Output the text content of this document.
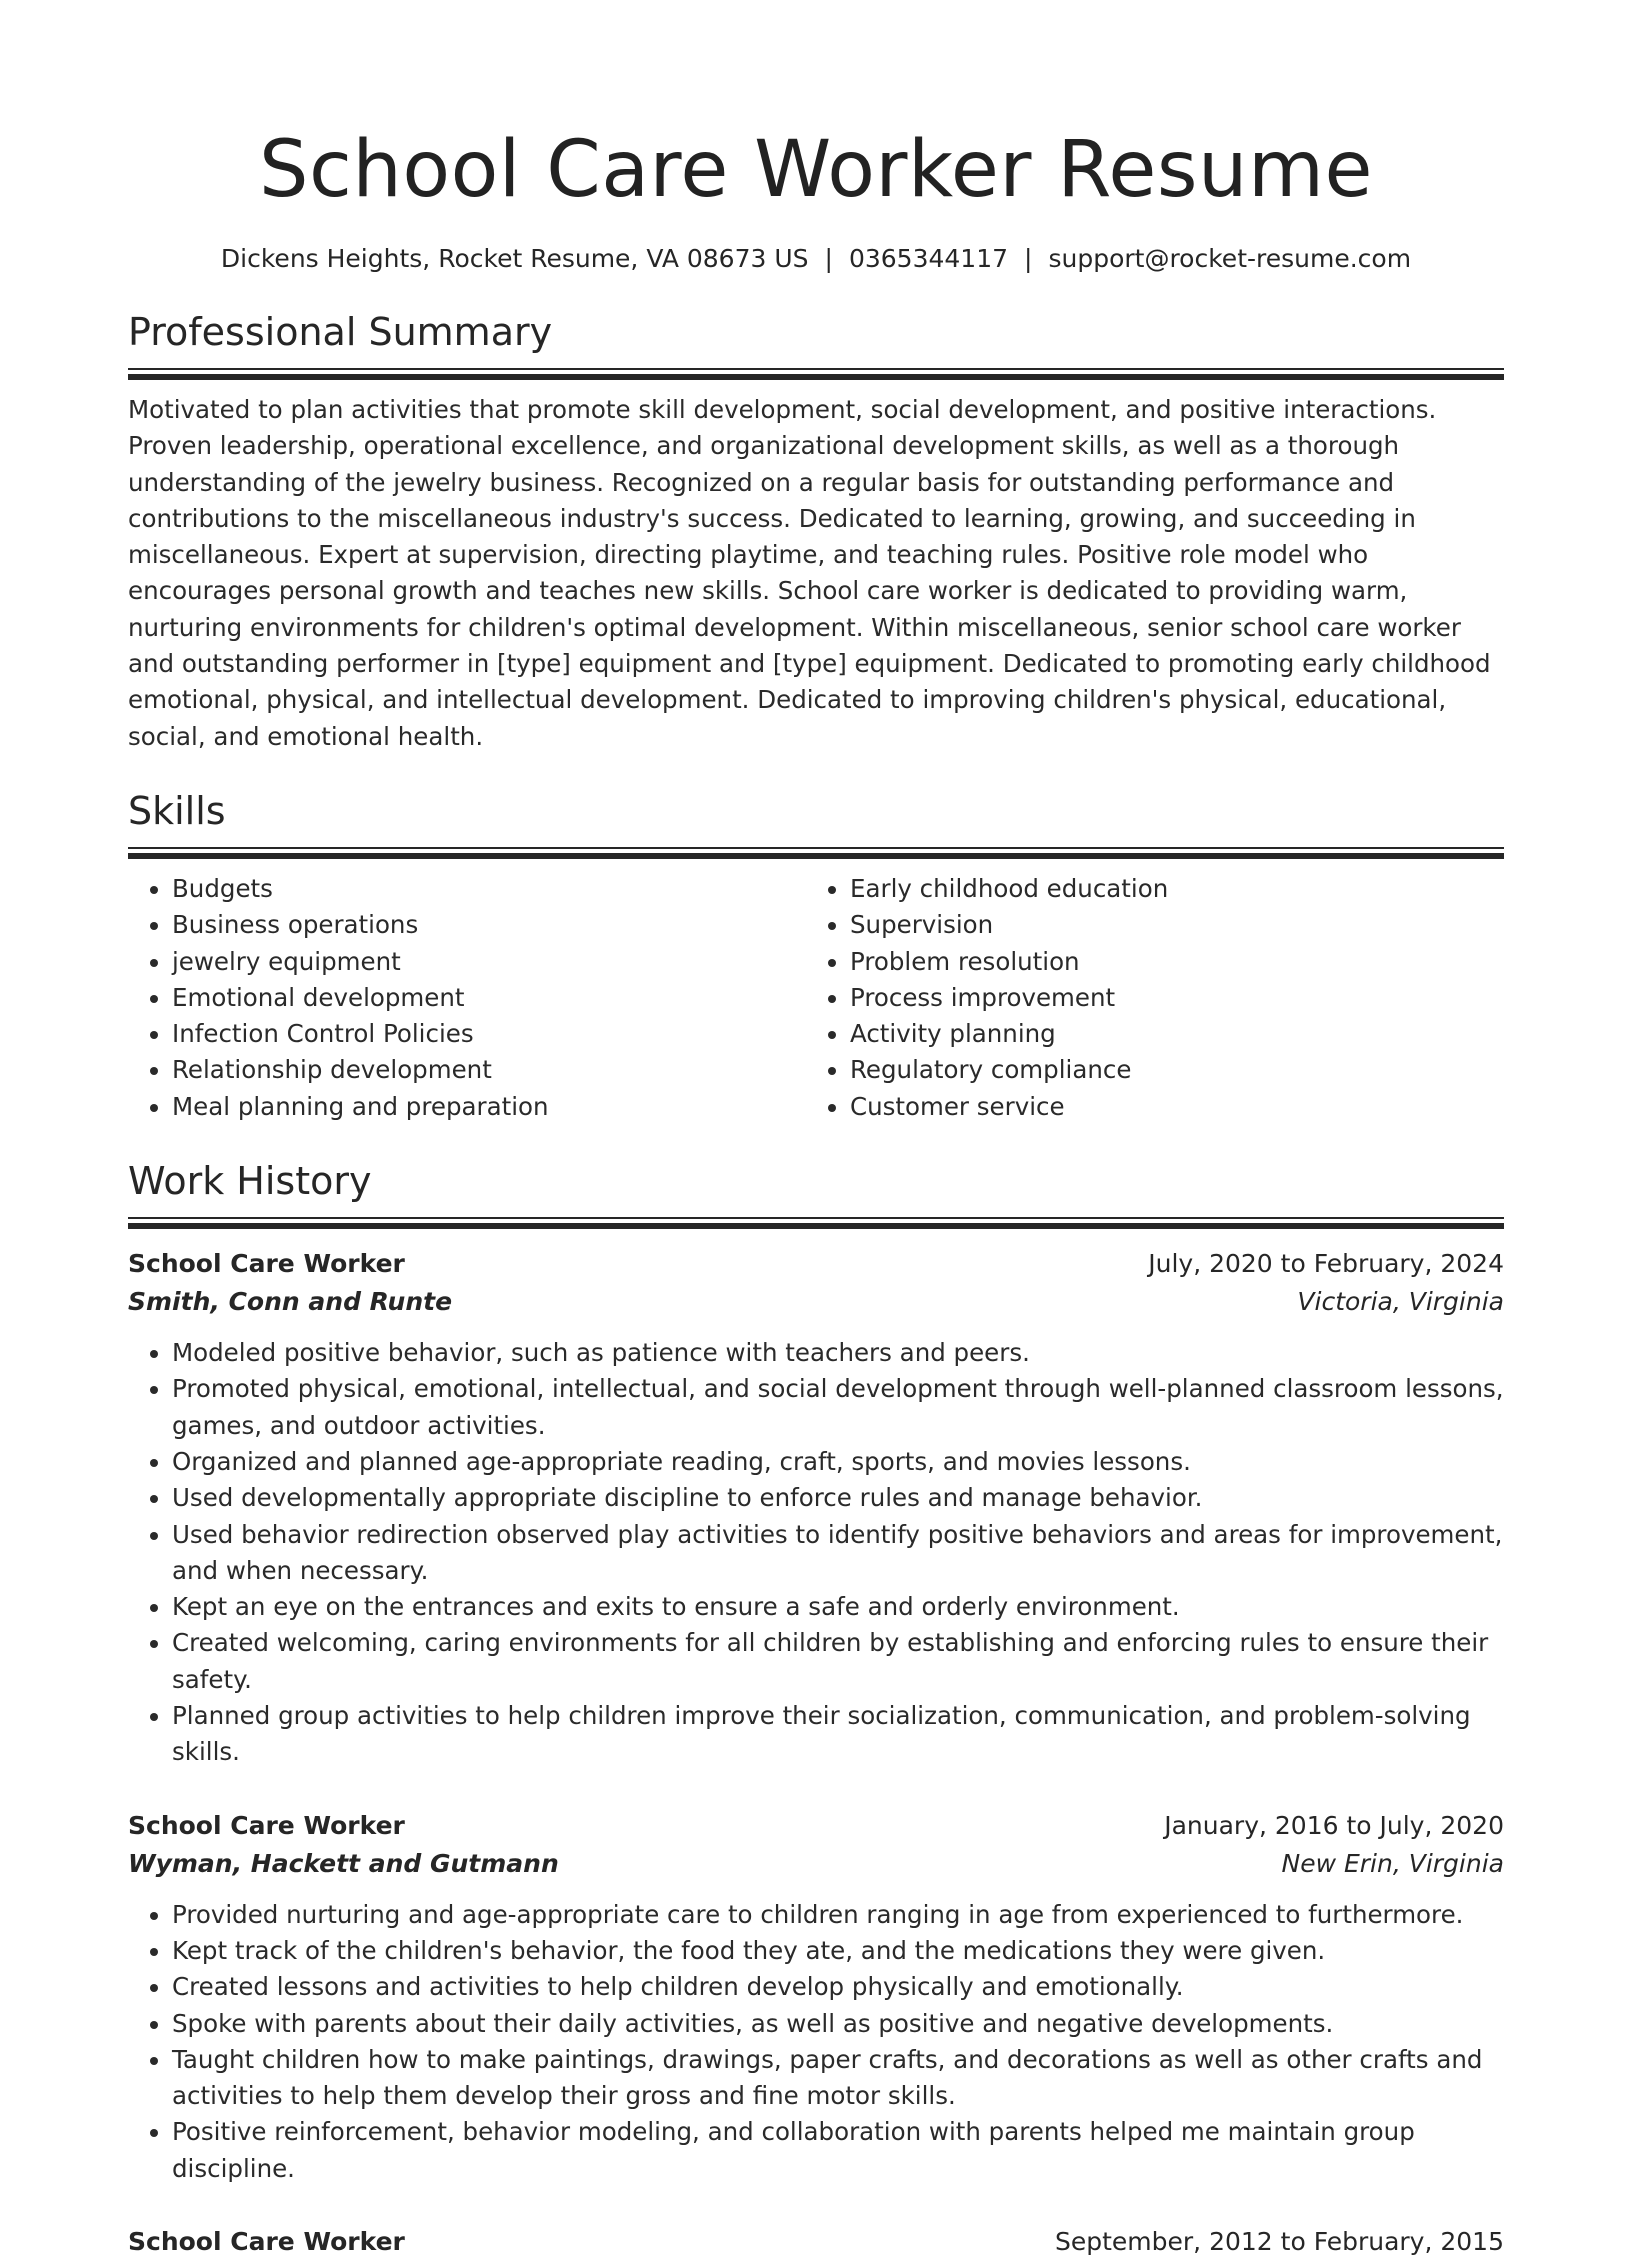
School Care Worker Resume
Dickens Heights, Rocket Resume, VA 08673 US | 0365344117 | support@rocket-resume.com
Professional Summary

Motivated to plan activities that promote skill development, social development, and positive interactions. Proven leadership, operational excellence, and organizational development skills, as well as a thorough understanding of the jewelry business. Recognized on a regular basis for outstanding performance and contributions to the miscellaneous industry's success. Dedicated to learning, growing, and succeeding in miscellaneous. Expert at supervision, directing playtime, and teaching rules. Positive role model who encourages personal growth and teaches new skills. School care worker is dedicated to providing warm, nurturing environments for children's optimal development. Within miscellaneous, senior school care worker and outstanding performer in [type] equipment and [type] equipment. Dedicated to promoting early childhood emotional, physical, and intellectual development. Dedicated to improving children's physical, educational, social, and emotional health.

Skills
• Budgets
• Business operations
• jewelry equipment
• Emotional development
• Infection Control Policies
• Relationship development
• Meal planning and preparation
• Early childhood education
• Supervision
• Problem resolution
• Process improvement
• Activity planning
• Regulatory compliance
• Customer service
Work History
School Care Worker	July, 2020 to February, 2024
Smith, Conn and Runte	Victoria, Virginia
• Modeled positive behavior, such as patience with teachers and peers.
• Promoted physical, emotional, intellectual, and social development through well-planned classroom lessons, games, and outdoor activities.
• Organized and planned age-appropriate reading, craft, sports, and movies lessons.
• Used developmentally appropriate discipline to enforce rules and manage behavior.
• Used behavior redirection observed play activities to identify positive behaviors and areas for improvement, and when necessary.
• Kept an eye on the entrances and exits to ensure a safe and orderly environment.
• Created welcoming, caring environments for all children by establishing and enforcing rules to ensure their safety.
• Planned group activities to help children improve their socialization, communication, and problem-solving skills.
School Care Worker	January, 2016 to July, 2020
Wyman, Hackett and Gutmann	New Erin, Virginia
• Provided nurturing and age-appropriate care to children ranging in age from experienced to furthermore.
• Kept track of the children's behavior, the food they ate, and the medications they were given.
• Created lessons and activities to help children develop physically and emotionally.
• Spoke with parents about their daily activities, as well as positive and negative developments.
• Taught children how to make paintings, drawings, paper crafts, and decorations as well as other crafts and activities to help them develop their gross and fine motor skills.
• Positive reinforcement, behavior modeling, and collaboration with parents helped me maintain group discipline.
School Care Worker	September, 2012 to February, 2015
